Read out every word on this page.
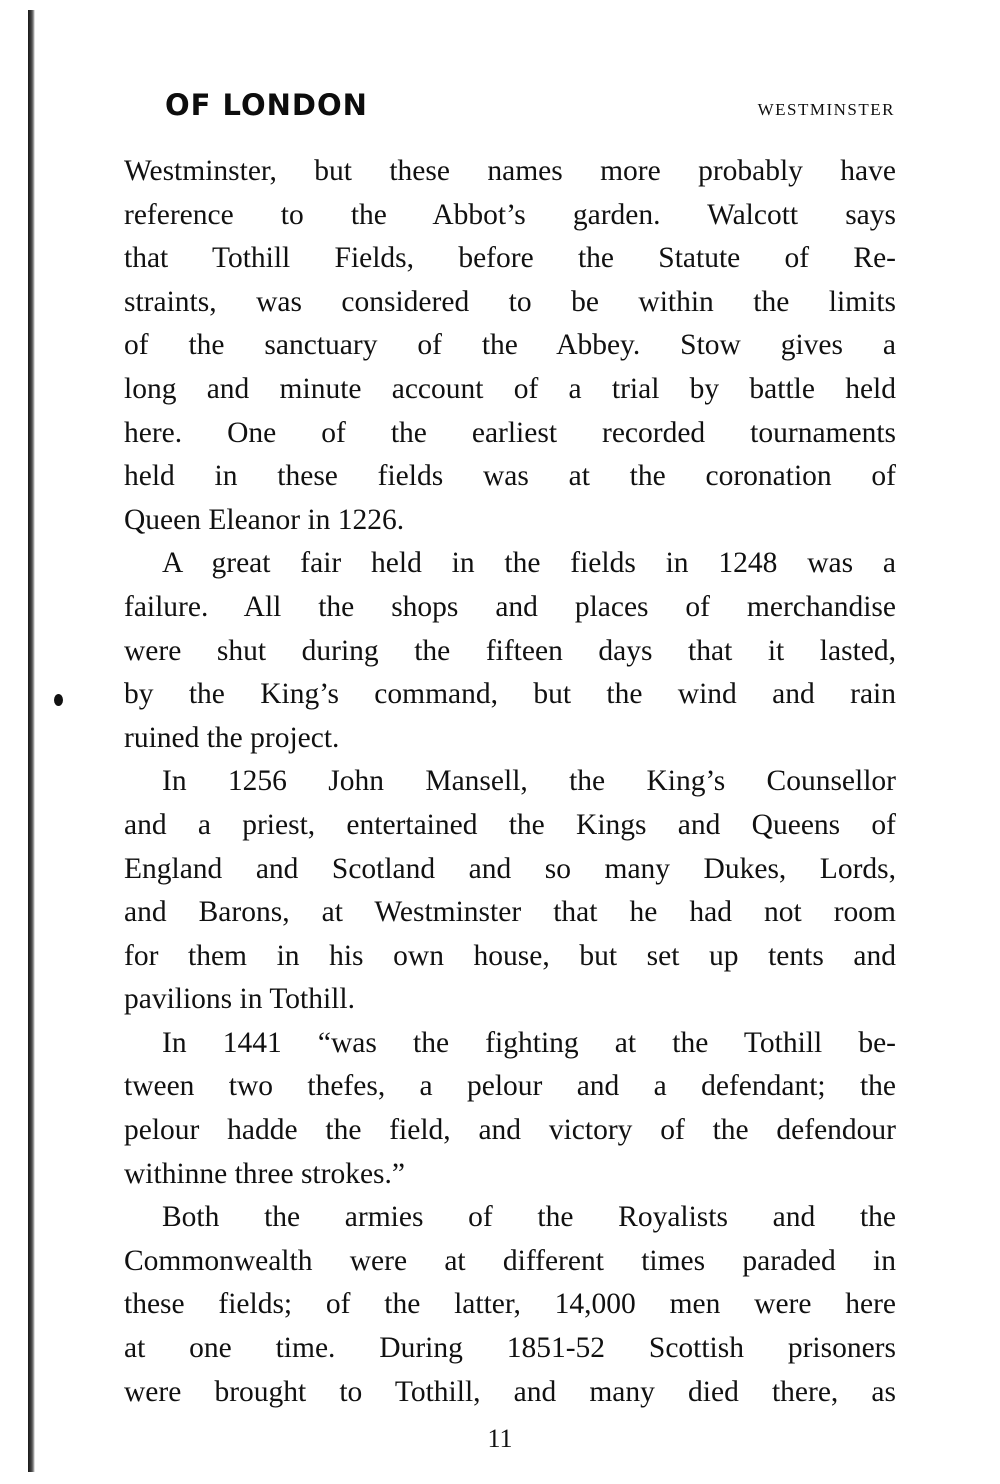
OF LONDON	WESTMINSTER
Westminster, but these names more probably have
reference to the Abbot’s garden. Walcott says
that Tothill Fields, before the Statute of Re-
straints, was considered to be within the limits
of the sanctuary of the Abbey. Stow gives a
long and minute account of a trial by battle held
here. One of the earliest recorded tournaments
held in these fields was at the coronation of
Queen Eleanor in 1226.
A great fair held in the fields in 1248 was a
failure. All the shops and places of merchandise
were shut during the fifteen days that it lasted,
by the King’s command, but the wind and rain
ruined the project.
In 1256 John Mansell, the King’s Counsellor
and a priest, entertained the Kings and Queens of
England and Scotland and so many Dukes, Lords,
and Barons, at Westminster that he had not room
for them in his own house, but set up tents and
pavilions in Tothill.
In 1441 “was the fighting at the Tothill be-
tween two thefes, a pelour and a defendant; the
pelour hadde the field, and victory of the defendour
withinne three strokes.”
Both the armies of the Royalists and the
Commonwealth were at different times paraded in
these fields; of the latter, 14,000 men were here
at one time. During 1851-52 Scottish prisoners
were brought to Tothill, and many died there, as
11
